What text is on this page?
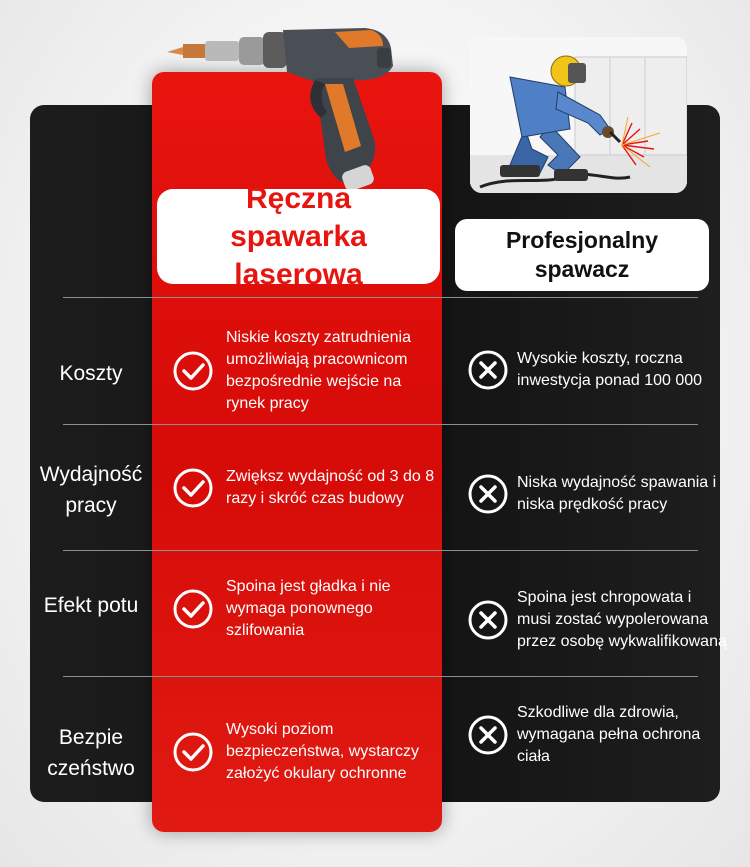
Ręczna spawarka laserowa
Profesjonalny spawacz
Koszty
Niskie koszty zatrudnienia umożliwiają pracownicom bezpośrednie wejście na rynek pracy
Wysokie koszty, roczna inwestycja ponad 100 000
Wydajność pracy
Zwiększ wydajność od 3 do 8 razy i skróć czas budowy
Niska wydajność spawania i niska prędkość pracy
Efekt potu
Spoina jest gładka i nie wymaga ponownego szlifowania
Spoina jest chropowata i musi zostać wypolerowana przez osobę wykwalifikowaną
Bezpie czeństwo
Wysoki poziom bezpieczeństwa, wystarczy założyć okulary ochronne
Szkodliwe dla zdrowia, wymagana pełna ochrona ciała
